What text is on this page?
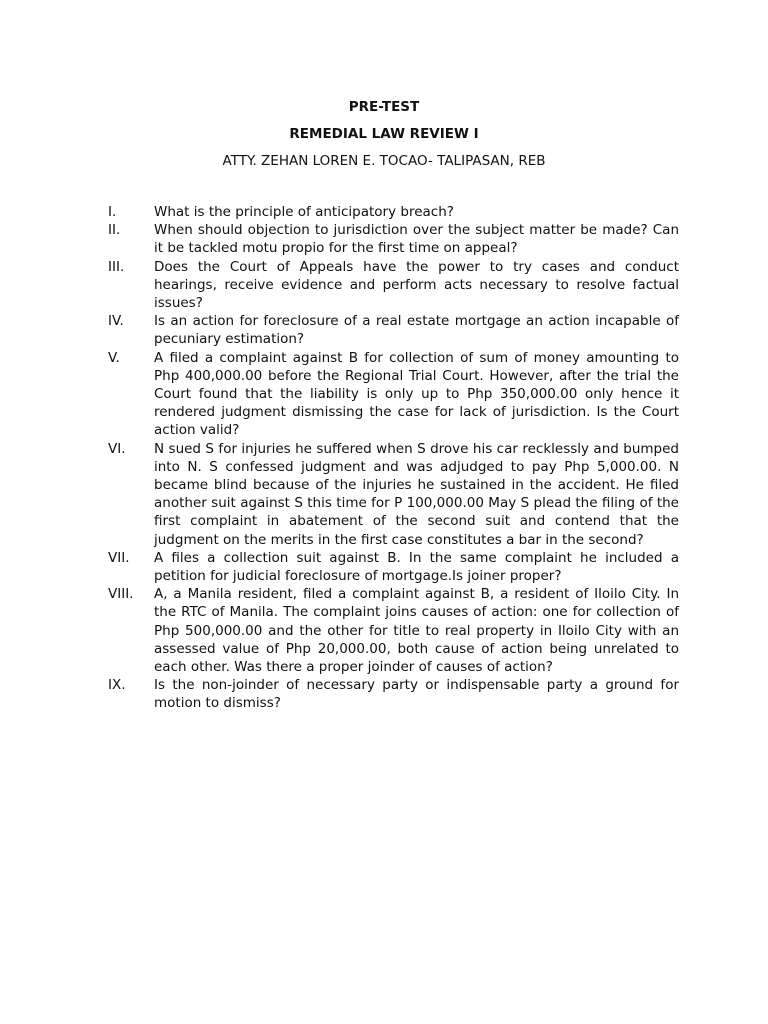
PRE-TEST
REMEDIAL LAW REVIEW I
ATTY. ZEHAN LOREN E. TOCAO- TALIPASAN, REB
I.	What is the principle of anticipatory breach?
II.	When should objection to jurisdiction over the subject matter be made? Can it be tackled motu propio for the first time on appeal?
III.	Does the Court of Appeals have the power to try cases and conduct hearings, receive evidence and perform acts necessary to resolve factual issues?
IV.	Is an action for foreclosure of a real estate mortgage an action incapable of pecuniary estimation?
V.	A filed a complaint against B for collection of sum of money amounting to Php 400,000.00 before the Regional Trial Court. However, after the trial the Court found that the liability is only up to Php 350,000.00 only hence it rendered judgment dismissing the case for lack of jurisdiction. Is the Court action valid?
VI.	N sued S for injuries he suffered when S drove his car recklessly and bumped into N. S confessed judgment and was adjudged to pay Php 5,000.00. N became blind because of the injuries he sustained in the accident. He filed another suit against S this time for P 100,000.00 May S plead the filing of the first complaint in abatement of the second suit and contend that the judgment on the merits in the first case constitutes a bar in the second?
VII.	A files a collection suit against B. In the same complaint he included a petition for judicial foreclosure of mortgage.Is joiner proper?
VIII.	A, a Manila resident, filed a complaint against B, a resident of Iloilo City. In the RTC of Manila. The complaint joins causes of action: one for collection of Php 500,000.00 and the other for title to real property in Iloilo City with an assessed value of Php 20,000.00, both cause of action being unrelated to each other. Was there a proper joinder of causes of action?
IX.	Is the non-joinder of necessary party or indispensable party a ground for motion to dismiss?
